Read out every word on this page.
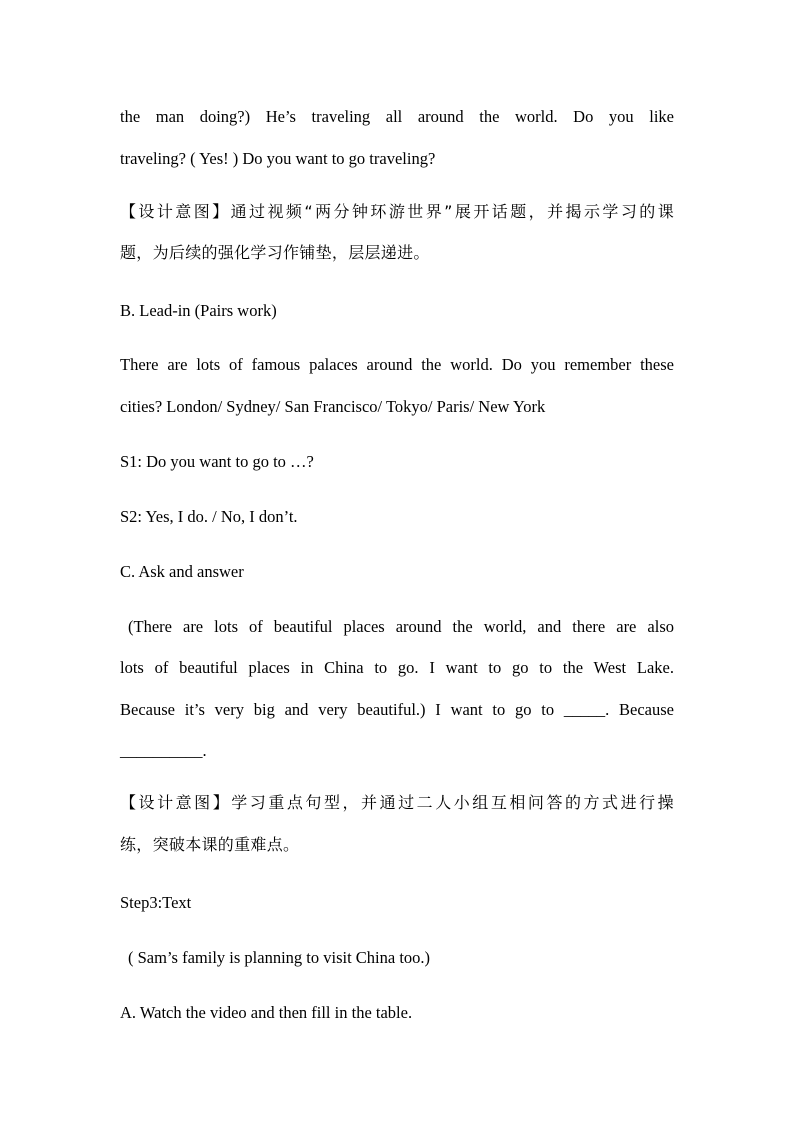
the man doing?) He’s traveling all around the world. Do you like
traveling? ( Yes! ) Do you want to go traveling?
【设计意图】通过视频“两分钟环游世界”展开话题，并揭示学习的课
题，为后续的强化学习作铺垫，层层递进。
B. Lead-in (Pairs work)
There are lots of famous palaces around the world. Do you remember these
cities? London/ Sydney/ San Francisco/ Tokyo/ Paris/ New York
S1: Do you want to go to …?
S2: Yes, I do. / No, I don’t.
C. Ask and answer
(There are lots of beautiful places around the world, and there are also
lots of beautiful places in China to go. I want to go to the West Lake.
Because it’s very big and very beautiful.) I want to go to _____. Because
__________.
【设计意图】学习重点句型，并通过二人小组互相问答的方式进行操
练，突破本课的重难点。
Step3:Text
( Sam’s family is planning to visit China too.)
A. Watch the video and then fill in the table.
